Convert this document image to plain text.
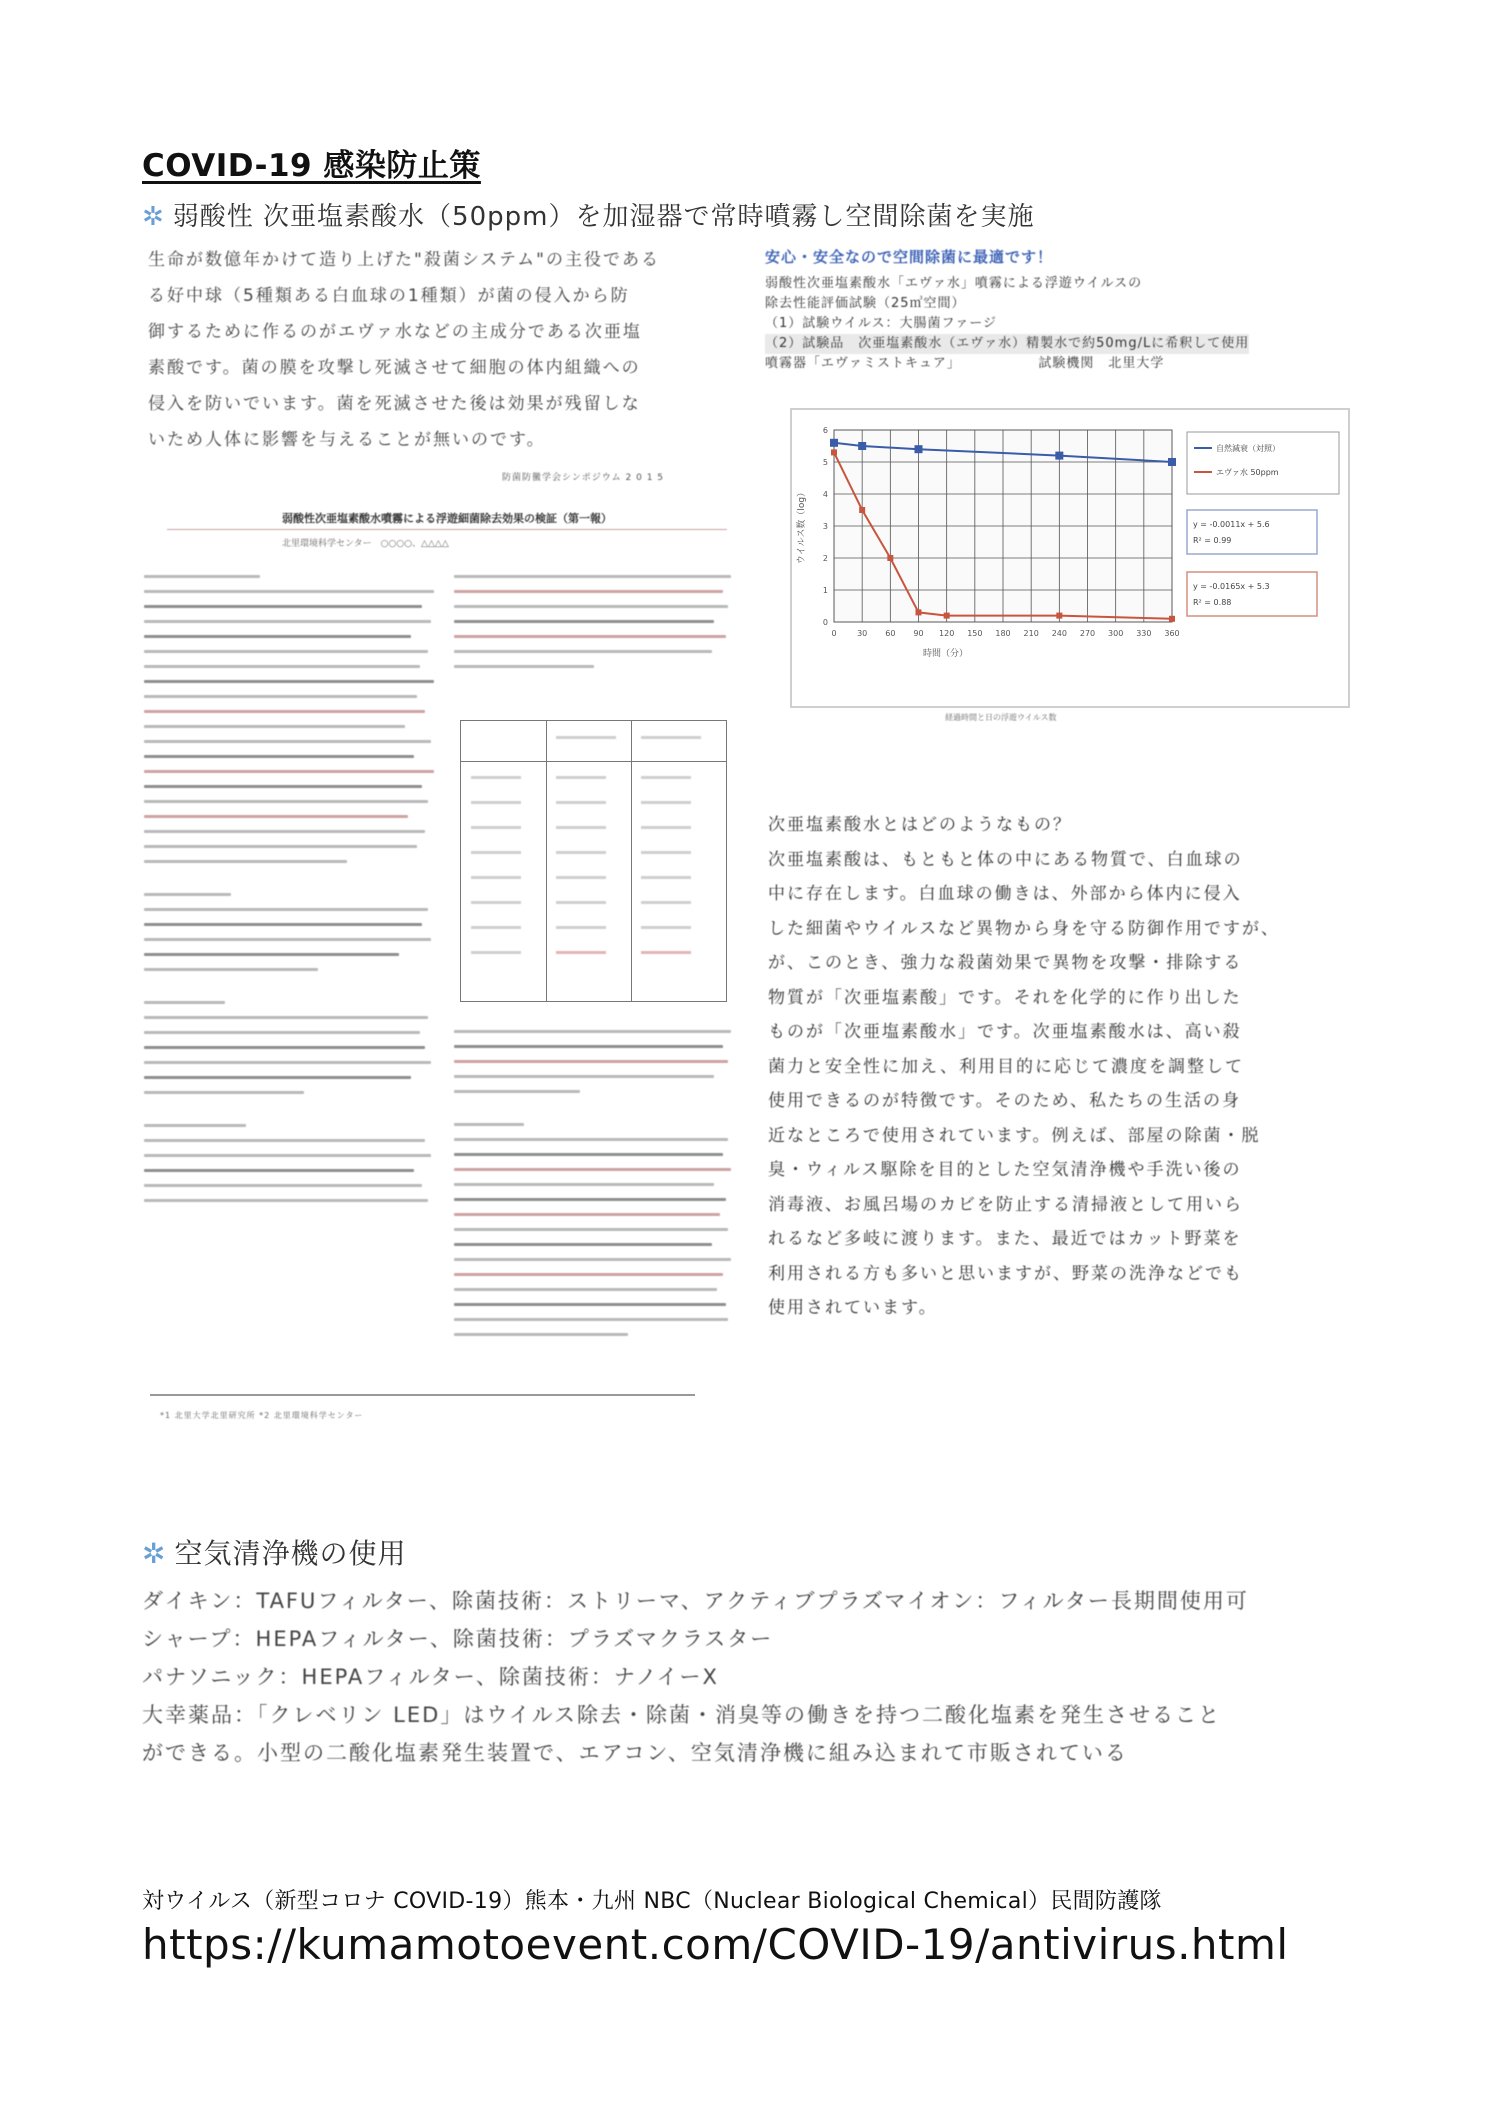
COVID-19 感染防止策
✲ 弱酸性 次亜塩素酸水（50ppm）を加湿器で常時噴霧し空間除菌を実施

生命が数億年かけて造り上げた"殺菌システム"の主役である

る好中球（5種類ある白血球の1種類）が菌の侵入から防

御するために作るのがエヴァ水などの主成分である次亜塩

素酸です。菌の膜を攻撃し死滅させて細胞の体内組織への

侵入を防いでいます。菌を死滅させた後は効果が残留しな

いため人体に影響を与えることが無いのです。

防菌防黴学会シンポジウム 2 0 1 5
弱酸性次亜塩素酸水噴霧による浮遊細菌除去効果の検証（第一報）
北里環境科学センター　○○○○、△△△△
*1 北里大学北里研究所 *2 北里環境科学センター
安心・安全なので空間除菌に最適です！
弱酸性次亜塩素酸水「エヴァ水」噴霧による浮遊ウイルスの
除去性能評価試験（25㎥空間）
（1）試験ウイルス：大腸菌ファージ
（2）試験品　次亜塩素酸水（エヴァ水）精製水で約50mg/Lに希釈して使用
噴霧器「エヴァミストキュア」　　　　　　試験機関　北里大学
0	30 60 90 120 150 180 210 240 270 300 330 360
0
1
2
3
4
5
6
時間（分）
ウイルス数（log）
自然減衰（対照）
エヴァ水 50ppm
y = -0.0011x + 5.6
R² = 0.99
y = -0.0165x + 5.3
R² = 0.88
経過時間と日の浮遊ウイルス数

次亜塩素酸水とはどのようなもの？

次亜塩素酸は、もともと体の中にある物質で、白血球の

中に存在します。白血球の働きは、外部から体内に侵入

した細菌やウイルスなど異物から身を守る防御作用ですが、

が、このとき、強力な殺菌効果で異物を攻撃・排除する

物質が「次亜塩素酸」です。それを化学的に作り出した

ものが「次亜塩素酸水」です。次亜塩素酸水は、高い殺

菌力と安全性に加え、利用目的に応じて濃度を調整して

使用できるのが特徴です。そのため、私たちの生活の身

近なところで使用されています。例えば、部屋の除菌・脱

臭・ウィルス駆除を目的とした空気清浄機や手洗い後の

消毒液、お風呂場のカビを防止する清掃液として用いら

れるなど多岐に渡ります。また、最近ではカット野菜を

利用される方も多いと思いますが、野菜の洗浄などでも

使用されています。

✲ 空気清浄機の使用

ダイキン：TAFUフィルター、除菌技術：ストリーマ、アクティブプラズマイオン：フィルター長期間使用可

シャープ：HEPAフィルター、除菌技術：プラズマクラスター

パナソニック：HEPAフィルター、除菌技術：ナノイーX

大幸薬品：「クレベリン LED」はウイルス除去・除菌・消臭等の働きを持つ二酸化塩素を発生させること

ができる。小型の二酸化塩素発生装置で、エアコン、空気清浄機に組み込まれて市販されている

対ウイルス（新型コロナ COVID-19）熊本・九州 NBC（Nuclear Biological Chemical）民間防護隊
https://kumamotoevent.com/COVID-19/antivirus.html
